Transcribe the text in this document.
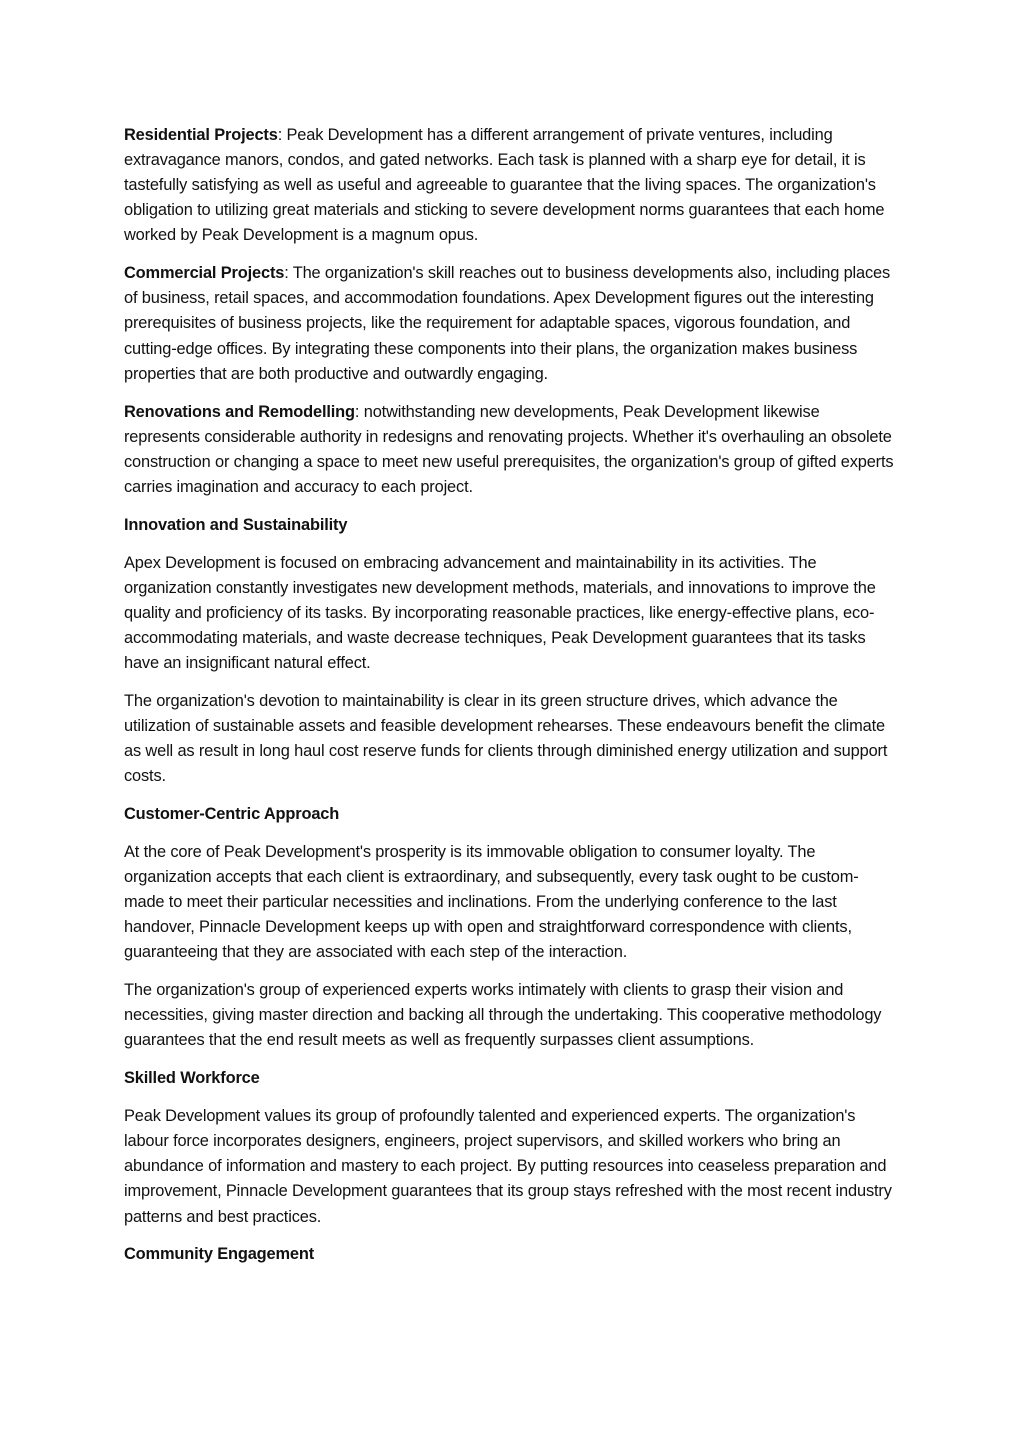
Residential Projects: Peak Development has a different arrangement of private ventures, including extravagance manors, condos, and gated networks. Each task is planned with a sharp eye for detail, it is tastefully satisfying as well as useful and agreeable to guarantee that the living spaces. The organization's obligation to utilizing great materials and sticking to severe development norms guarantees that each home worked by Peak Development is a magnum opus.

Commercial Projects: The organization's skill reaches out to business developments also, including places of business, retail spaces, and accommodation foundations. Apex Development figures out the interesting prerequisites of business projects, like the requirement for adaptable spaces, vigorous foundation, and cutting-edge offices. By integrating these components into their plans, the organization makes business properties that are both productive and outwardly engaging.

Renovations and Remodelling: notwithstanding new developments, Peak Development likewise represents considerable authority in redesigns and renovating projects. Whether it's overhauling an obsolete construction or changing a space to meet new useful prerequisites, the organization's group of gifted experts carries imagination and accuracy to each project.

Innovation and Sustainability

Apex Development is focused on embracing advancement and maintainability in its activities. The organization constantly investigates new development methods, materials, and innovations to improve the quality and proficiency of its tasks. By incorporating reasonable practices, like energy-effective plans, eco-accommodating materials, and waste decrease techniques, Peak Development guarantees that its tasks have an insignificant natural effect.

The organization's devotion to maintainability is clear in its green structure drives, which advance the utilization of sustainable assets and feasible development rehearses. These endeavours benefit the climate as well as result in long haul cost reserve funds for clients through diminished energy utilization and support costs.

Customer-Centric Approach

At the core of Peak Development's prosperity is its immovable obligation to consumer loyalty. The organization accepts that each client is extraordinary, and subsequently, every task ought to be custom-made to meet their particular necessities and inclinations. From the underlying conference to the last handover, Pinnacle Development keeps up with open and straightforward correspondence with clients, guaranteeing that they are associated with each step of the interaction.

The organization's group of experienced experts works intimately with clients to grasp their vision and necessities, giving master direction and backing all through the undertaking. This cooperative methodology guarantees that the end result meets as well as frequently surpasses client assumptions.

Skilled Workforce

Peak Development values its group of profoundly talented and experienced experts. The organization's labour force incorporates designers, engineers, project supervisors, and skilled workers who bring an abundance of information and mastery to each project. By putting resources into ceaseless preparation and improvement, Pinnacle Development guarantees that its group stays refreshed with the most recent industry patterns and best practices.

Community Engagement
